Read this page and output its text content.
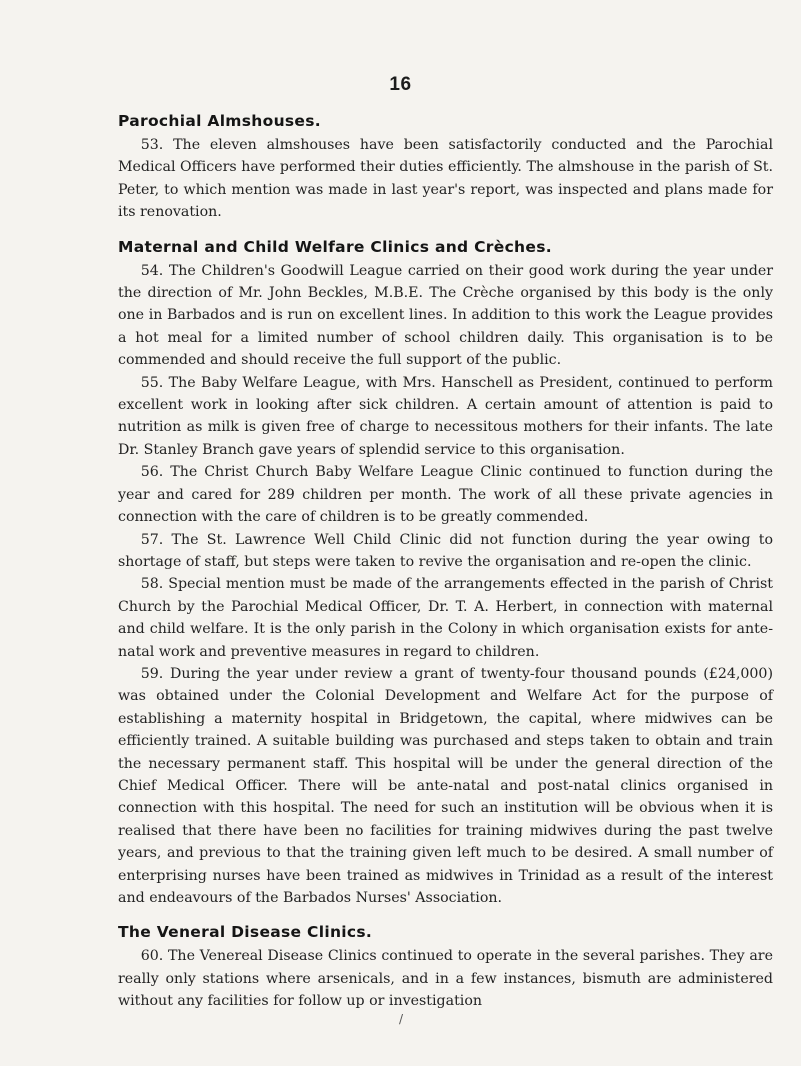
16
Parochial Almshouses.

53. The eleven almshouses have been satisfactorily conducted and the Parochial Medical Officers have performed their duties efficiently. The almshouse in the parish of St. Peter, to which mention was made in last year's report, was inspected and plans made for its renovation.

Maternal and Child Welfare Clinics and Crèches.

54. The Children's Goodwill League carried on their good work during the year under the direction of Mr. John Beckles, M.B.E. The Crèche organised by this body is the only one in Barbados and is run on excellent lines. In addition to this work the League provides a hot meal for a limited number of school children daily. This organisation is to be commended and should receive the full support of the public.

55. The Baby Welfare League, with Mrs. Hanschell as President, continued to perform excellent work in looking after sick children. A certain amount of attention is paid to nutrition as milk is given free of charge to necessitous mothers for their infants. The late Dr. Stanley Branch gave years of splendid service to this organisation.

56. The Christ Church Baby Welfare League Clinic continued to function during the year and cared for 289 children per month. The work of all these private agencies in connection with the care of children is to be greatly commended.

57. The St. Lawrence Well Child Clinic did not function during the year owing to shortage of staff, but steps were taken to revive the organisation and re-open the clinic.

58. Special mention must be made of the arrangements effected in the parish of Christ Church by the Parochial Medical Officer, Dr. T. A. Herbert, in connection with maternal and child welfare. It is the only parish in the Colony in which organisation exists for ante-natal work and preventive measures in regard to children.

59. During the year under review a grant of twenty-four thousand pounds (£24,000) was obtained under the Colonial Development and Welfare Act for the purpose of establishing a maternity hospital in Bridgetown, the capital, where midwives can be efficiently trained. A suitable building was purchased and steps taken to obtain and train the necessary permanent staff. This hospital will be under the general direction of the Chief Medical Officer. There will be ante-natal and post-natal clinics organised in connection with this hospital. The need for such an institution will be obvious when it is realised that there have been no facilities for training midwives during the past twelve years, and previous to that the training given left much to be desired. A small number of enterprising nurses have been trained as midwives in Trinidad as a result of the interest and endeavours of the Barbados Nurses' Association.

The Veneral Disease Clinics.

60. The Venereal Disease Clinics continued to operate in the several parishes. They are really only stations where arsenicals, and in a few instances, bismuth are administered without any facilities for follow up or investigation

/
